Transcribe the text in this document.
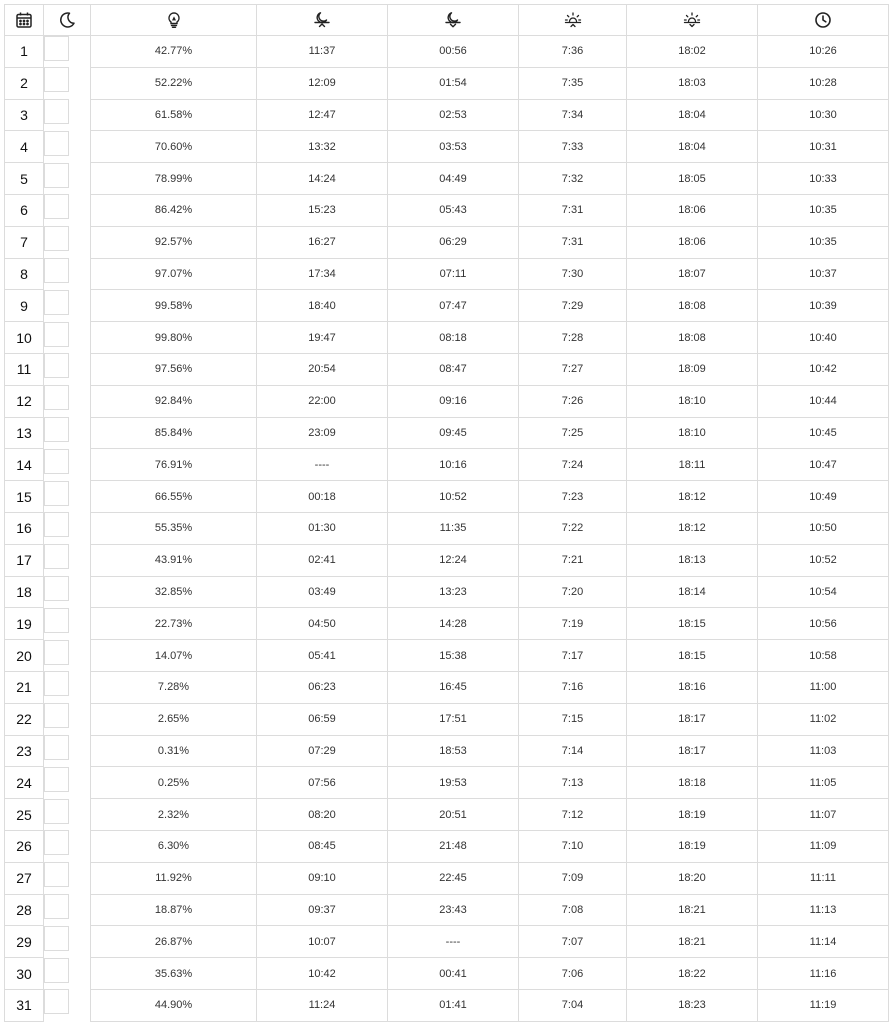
1	42.77%	11:37	00:56	7:36	18:02	10:26
2	52.22%	12:09	01:54	7:35	18:03	10:28
3	61.58%	12:47	02:53	7:34	18:04	10:30
4	70.60%	13:32	03:53	7:33	18:04	10:31
5	78.99%	14:24	04:49	7:32	18:05	10:33
6	86.42%	15:23	05:43	7:31	18:06	10:35
7	92.57%	16:27	06:29	7:31	18:06	10:35
8	97.07%	17:34	07:11	7:30	18:07	10:37
9	99.58%	18:40	07:47	7:29	18:08	10:39
10	99.80%	19:47	08:18	7:28	18:08	10:40
11	97.56%	20:54	08:47	7:27	18:09	10:42
12	92.84%	22:00	09:16	7:26	18:10	10:44
13	85.84%	23:09	09:45	7:25	18:10	10:45
14	76.91%	----	10:16	7:24	18:11	10:47
15	66.55%	00:18	10:52	7:23	18:12	10:49
16	55.35%	01:30	11:35	7:22	18:12	10:50
17	43.91%	02:41	12:24	7:21	18:13	10:52
18	32.85%	03:49	13:23	7:20	18:14	10:54
19	22.73%	04:50	14:28	7:19	18:15	10:56
20	14.07%	05:41	15:38	7:17	18:15	10:58
21	7.28%	06:23	16:45	7:16	18:16	11:00
22	2.65%	06:59	17:51	7:15	18:17	11:02
23	0.31%	07:29	18:53	7:14	18:17	11:03
24	0.25%	07:56	19:53	7:13	18:18	11:05
25	2.32%	08:20	20:51	7:12	18:19	11:07
26	6.30%	08:45	21:48	7:10	18:19	11:09
27	11.92%	09:10	22:45	7:09	18:20	11:11
28	18.87%	09:37	23:43	7:08	18:21	11:13
29	26.87%	10:07	----	7:07	18:21	11:14
30	35.63%	10:42	00:41	7:06	18:22	11:16
31	44.90%	11:24	01:41	7:04	18:23	11:19
